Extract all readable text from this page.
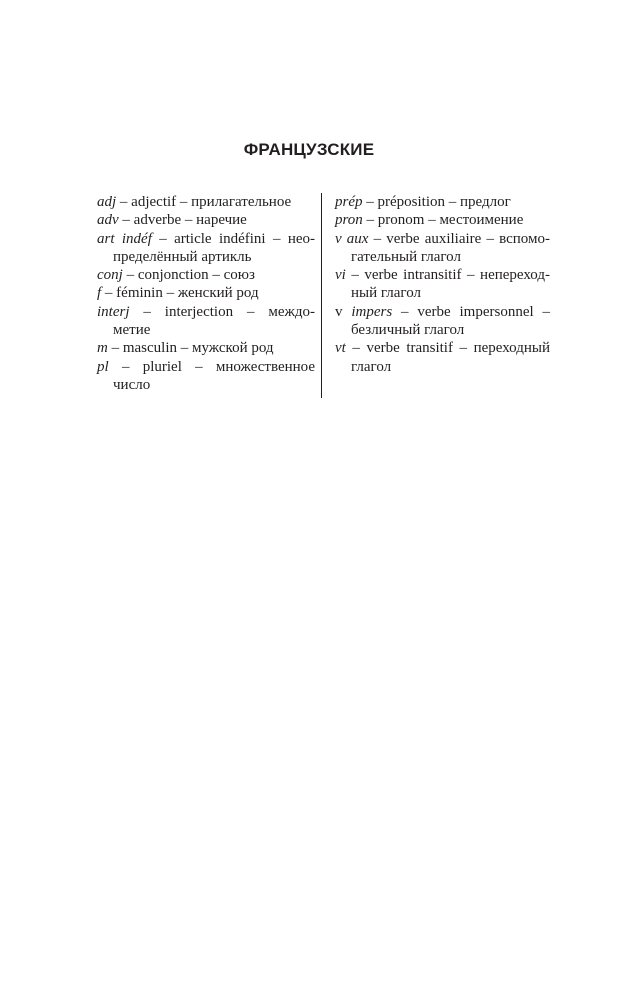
ФРАНЦУЗСКИЕ
adj – adjectif – прилагательное
adv – adverbe – наречие
art indéf – article indéfini – нео-
пределённый артикль
conj – conjonction – союз
f – féminin – женский род
interj – interjection – междо-
метие
m – masculin – мужской род
pl – pluriel – множественное
число
prép – préposition – предлог
pron – pronom – местоимение
v aux – verbe auxiliaire – вспомо-
гательный глагол
vi – verbe intransitif – непереход-
ный глагол
v impers – verbe impersonnel –
безличный глагол
vt – verbe transitif – переходный
глагол
